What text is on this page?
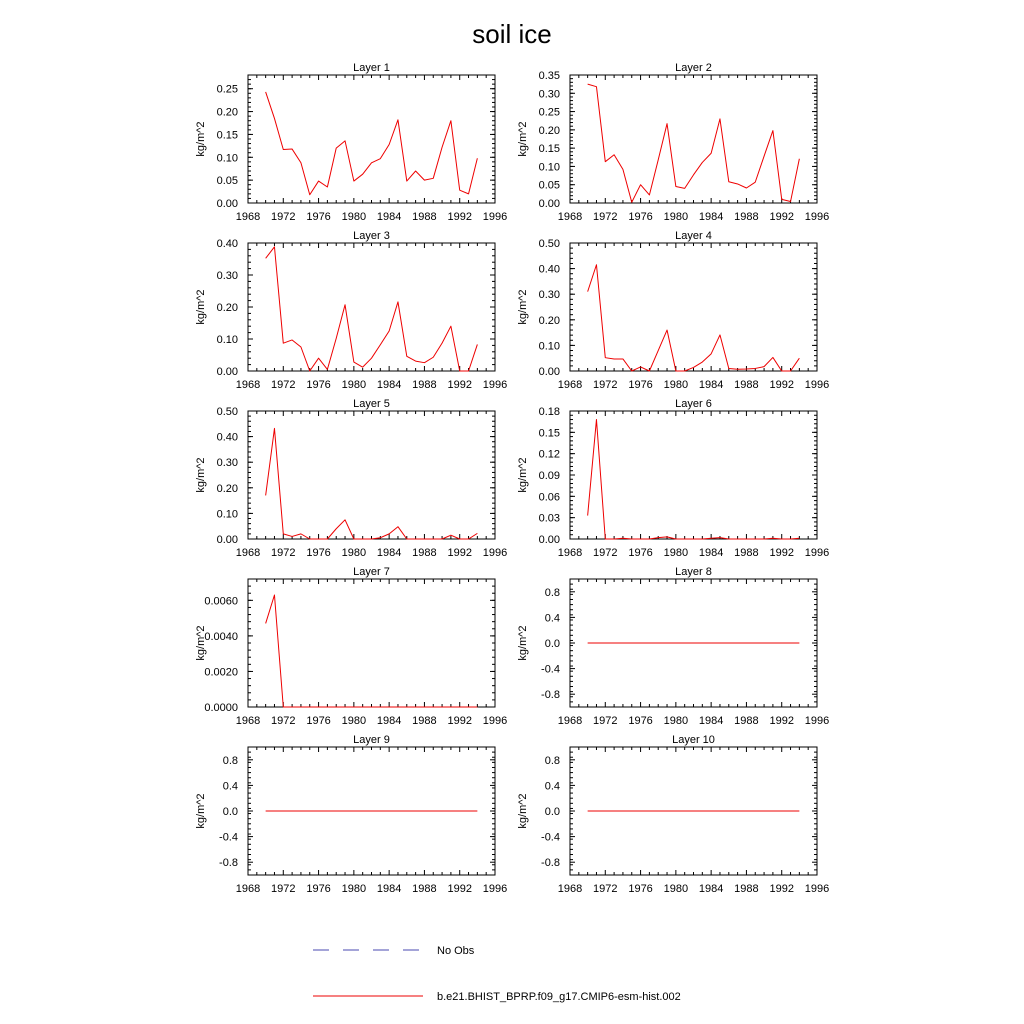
soil ice
Layer 1
kg/m^2
1968 1972 1976 1980 1984 1988 1992 1996
0.00
0.05
0.10
0.15
0.20
0.25
Layer 2
kg/m^2
1968 1972 1976 1980 1984 1988 1992 1996
0.00
0.05
0.10
0.15
0.20
0.25
0.30
0.35
Layer 3
kg/m^2
1968 1972 1976 1980 1984 1988 1992 1996
0.00
0.10
0.20
0.30
0.40
Layer 4
kg/m^2
1968 1972 1976 1980 1984 1988 1992 1996
0.00
0.10
0.20
0.30
0.40
0.50
Layer 5
kg/m^2
1968 1972 1976 1980 1984 1988 1992 1996
0.00
0.10
0.20
0.30
0.40
0.50
Layer 6
kg/m^2
1968 1972 1976 1980 1984 1988 1992 1996
0.00
0.03
0.06
0.09
0.12
0.15
0.18
Layer 7
kg/m^2
1968 1972 1976 1980 1984 1988 1992 1996
0.0000
0.0020
0.0040
0.0060
Layer 8
kg/m^2
1968 1972 1976 1980 1984 1988 1992 1996
-0.8
-0.4
0.0
0.4
0.8
Layer 9
kg/m^2
1968 1972 1976 1980 1984 1988 1992 1996
-0.8
-0.4
0.0
0.4
0.8
Layer 10
kg/m^2
1968 1972 1976 1980 1984 1988 1992 1996
-0.8
-0.4
0.0
0.4
0.8
No Obs
b.e21.BHIST_BPRP.f09_g17.CMIP6-esm-hist.002
